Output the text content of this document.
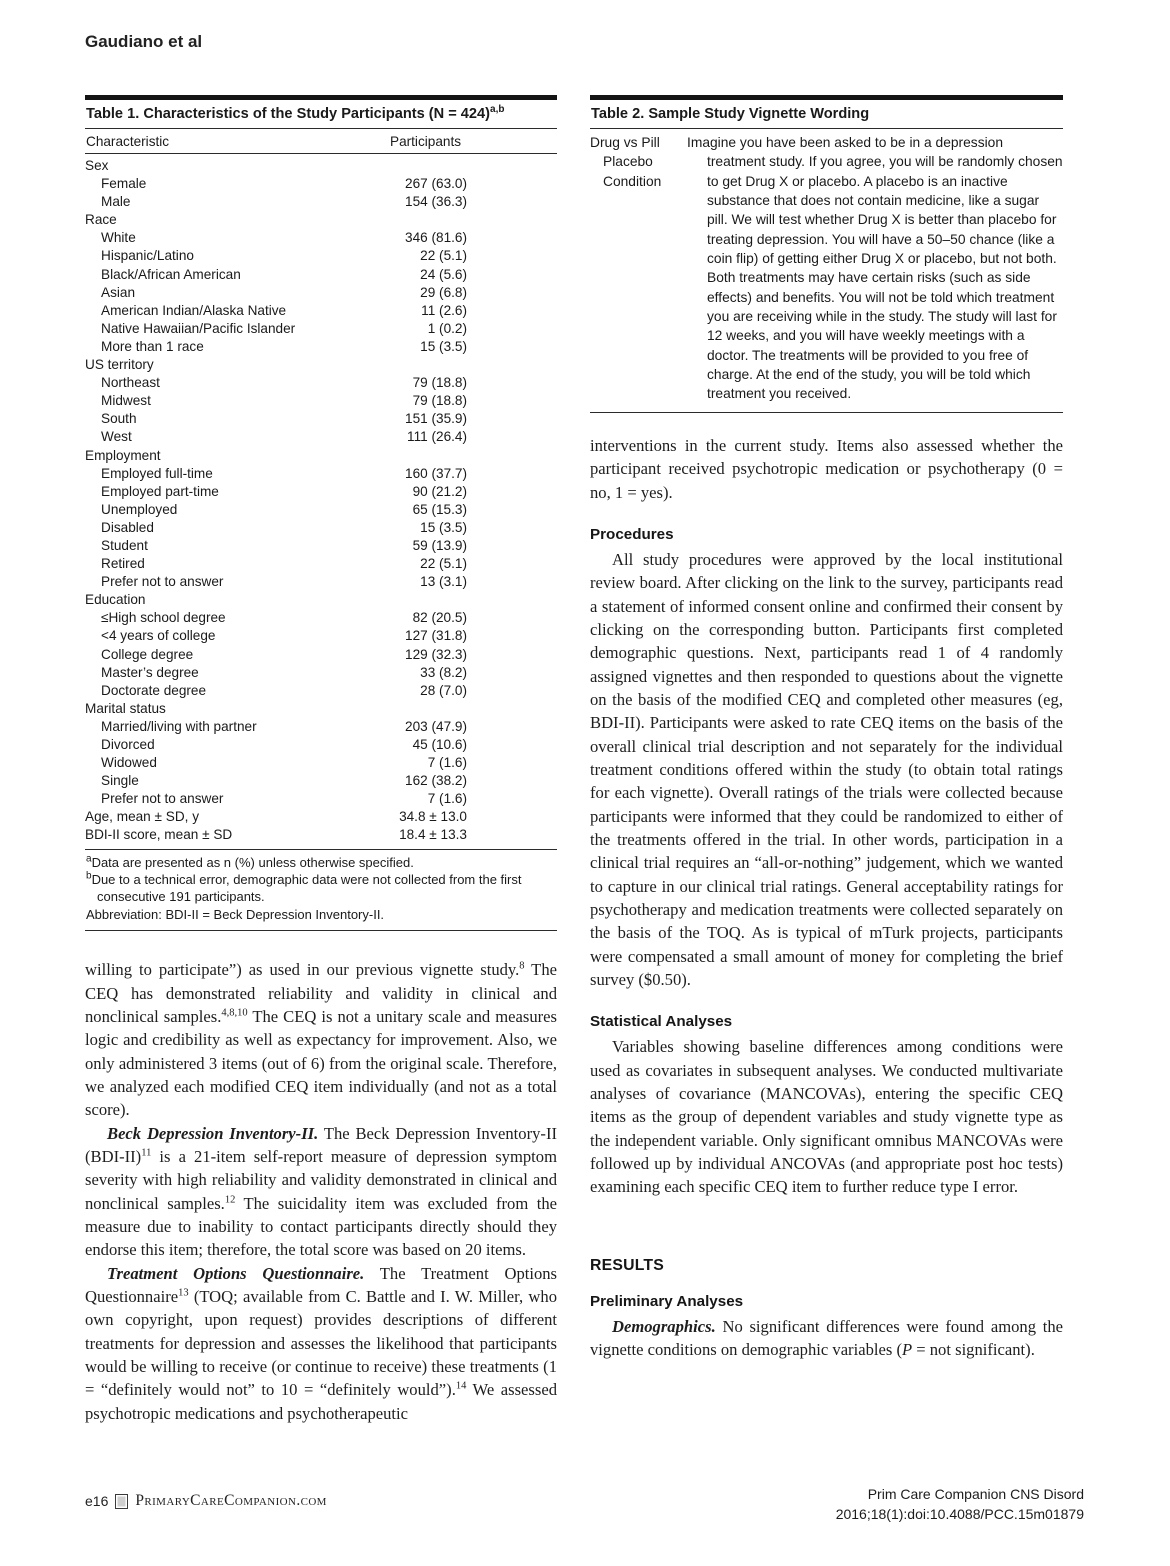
Gaudiano et al
Table 1. Characteristics of the Study Participants (N = 424)$^{a,b}$
Characteristic	Participants
Sex
Female	267 (63.0)
Male	154 (36.3)
Race
White	346 (81.6)
Hispanic/Latino	22 (5.1)
Black/African American	24 (5.6)
Asian	29 (6.8)
American Indian/Alaska Native	11 (2.6)
Native Hawaiian/Pacific Islander	1 (0.2)
More than 1 race	15 (3.5)
US territory
Northeast	79 (18.8)
Midwest	79 (18.8)
South	151 (35.9)
West	111 (26.4)
Employment
Employed full-time	160 (37.7)
Employed part-time	90 (21.2)
Unemployed	65 (15.3)
Disabled	15 (3.5)
Student	59 (13.9)
Retired	22 (5.1)
Prefer not to answer	13 (3.1)
Education
≤High school degree	82 (20.5)
<4 years of college	127 (31.8)
College degree	129 (32.3)
Master’s degree	33 (8.2)
Doctorate degree	28 (7.0)
Marital status
Married/living with partner	203 (47.9)
Divorced	45 (10.6)
Widowed	7 (1.6)
Single	162 (38.2)
Prefer not to answer	7 (1.6)
Age, mean ± SD, y	34.8 ± 13.0
BDI-II score, mean ± SD	18.4 ± 13.3

$^a$Data are presented as n (%) unless otherwise specified.

$^b$Due to a technical error, demographic data were not collected from the first consecutive 191 participants.

Abbreviation: BDI-II = Beck Depression Inventory-II.

willing to participate”) as used in our previous vignette study.$^8$ The CEQ has demonstrated reliability and validity in clinical and nonclinical samples.$^{4,8,10}$ The CEQ is not a unitary scale and measures logic and credibility as well as expectancy for improvement. Also, we only administered 3 items (out of 6) from the original scale. Therefore, we analyzed each modified CEQ item individually (and not as a total score).

Beck Depression Inventory-II. The Beck Depression Inventory-II $(BDI-II)^{11}$ is a 21-item self-report measure of depression symptom severity with high reliability and validity demonstrated in clinical and nonclinical samples.$^{12}$ The suicidality item was excluded from the measure due to inability to contact participants directly should they endorse this item; therefore, the total score was based on 20 items.

Treatment Options Questionnaire. The Treatment Options Questionnaire$^{13}$ (TOQ; available from C. Battle and I. W. Miller, who own copyright, upon request) provides descriptions of different treatments for depression and assesses the likelihood that participants would be willing to receive (or continue to receive) these treatments (1 = “definitely would not” to 10 = “definitely would”).$^{14}$ We assessed psychotropic medications and psychotherapeutic

Table 2. Sample Study Vignette Wording
Drug vs Pill
Placebo
Condition

Imagine you have been asked to be in a depression treatment study. If you agree, you will be randomly chosen to get Drug X or placebo. A placebo is an inactive substance that does not contain medicine, like a sugar pill. We will test whether Drug X is better than placebo for treating depression. You will have a 50–50 chance (like a coin flip) of getting either Drug X or placebo, but not both. Both treatments may have certain risks (such as side effects) and benefits. You will not be told which treatment you are receiving while in the study. The study will last for 12 weeks, and you will have weekly meetings with a doctor. The treatments will be provided to you free of charge. At the end of the study, you will be told which treatment you received.

interventions in the current study. Items also assessed whether the participant received psychotropic medication or psychotherapy (0 = no, 1 = yes).

Procedures

All study procedures were approved by the local institutional review board. After clicking on the link to the survey, participants read a statement of informed consent online and confirmed their consent by clicking on the corresponding button. Participants first completed demographic questions. Next, participants read 1 of 4 randomly assigned vignettes and then responded to questions about the vignette on the basis of the modified CEQ and completed other measures (eg, BDI-II). Participants were asked to rate CEQ items on the basis of the overall clinical trial description and not separately for the individual treatment conditions offered within the study (to obtain total ratings for each vignette). Overall ratings of the trials were collected because participants were informed that they could be randomized to either of the treatments offered in the trial. In other words, participation in a clinical trial requires an “all-or-nothing” judgement, which we wanted to capture in our clinical trial ratings. General acceptability ratings for psychotherapy and medication treatments were collected separately on the basis of the TOQ. As is typical of mTurk projects, participants were compensated a small amount of money for completing the brief survey ($0.50).

Statistical Analyses

Variables showing baseline differences among conditions were used as covariates in subsequent analyses. We conducted multivariate analyses of covariance (MANCOVAs), entering the specific CEQ items as the group of dependent variables and study vignette type as the independent variable. Only significant omnibus MANCOVAs were followed up by individual ANCOVAs (and appropriate post hoc tests) examining each specific CEQ item to further reduce type I error.

RESULTS
Preliminary Analyses

Demographics. No significant differences were found among the vignette conditions on demographic variables (P = not significant).

e16 PrimaryCareCompanion.com	Prim Care Companion CNS Disord
2016;18(1):doi:10.4088/PCC.15m01879
